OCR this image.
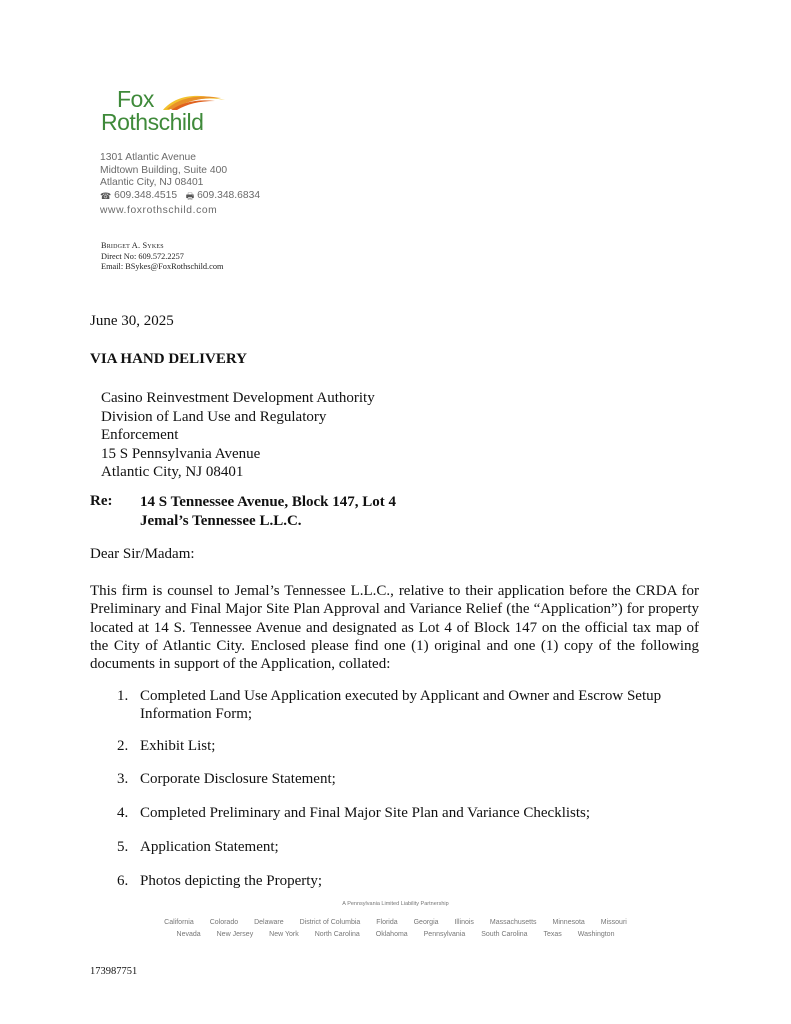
Fox
Rothschild
1301 Atlantic Avenue
Midtown Building, Suite 400
Atlantic City, NJ 08401
☎ 609.348.4515 🖶 609.348.6834
www.foxrothschild.com
Bridget A. Sykes
Direct No: 609.572.2257
Email: BSykes@FoxRothschild.com
June 30, 2025
VIA HAND DELIVERY
Casino Reinvestment Development Authority
Division of Land Use and Regulatory
Enforcement
15 S Pennsylvania Avenue
Atlantic City, NJ 08401
Re: 14 S Tennessee Avenue, Block 147, Lot 4
Jemal’s Tennessee L.L.C.
Dear Sir/Madam:
This firm is counsel to Jemal’s Tennessee L.L.C., relative to their application before the CRDA for Preliminary and Final Major Site Plan Approval and Variance Relief (the “Application”) for property located at 14 S. Tennessee Avenue and designated as Lot 4 of Block 147 on the official tax map of the City of Atlantic City. Enclosed please find one (1) original and one (1) copy of the following documents in support of the Application, collated:
1. Completed Land Use Application executed by Applicant and Owner and Escrow Setup Information Form;
2. Exhibit List;
3. Corporate Disclosure Statement;
4. Completed Preliminary and Final Major Site Plan and Variance Checklists;
5. Application Statement;
6. Photos depicting the Property;
A Pennsylvania Limited Liability Partnership
California Colorado Delaware District of Columbia Florida Georgia Illinois Massachusetts Minnesota Missouri
Nevada New Jersey New York North Carolina Oklahoma Pennsylvania South Carolina Texas Washington
173987751
